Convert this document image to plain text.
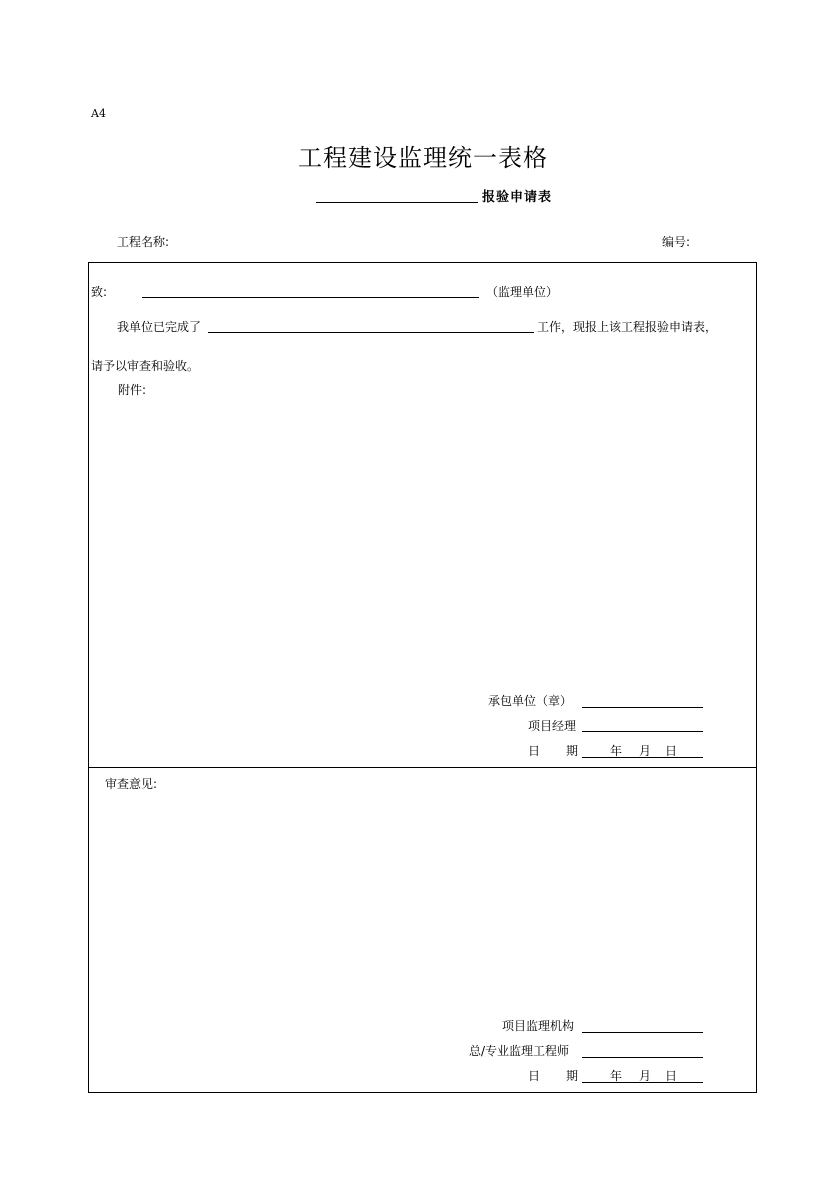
A4
工程建设监理统一表格
报验申请表
工程名称:	编号:
致:	（监理单位）
我单位已完成了	工作，现报上该工程报验申请表，
请予以审查和验收。
附件:
承包单位（章）
项目经理
日 期	年 月 日
审查意见:
项目监理机构
总/专业监理工程师
日 期	年 月 日
